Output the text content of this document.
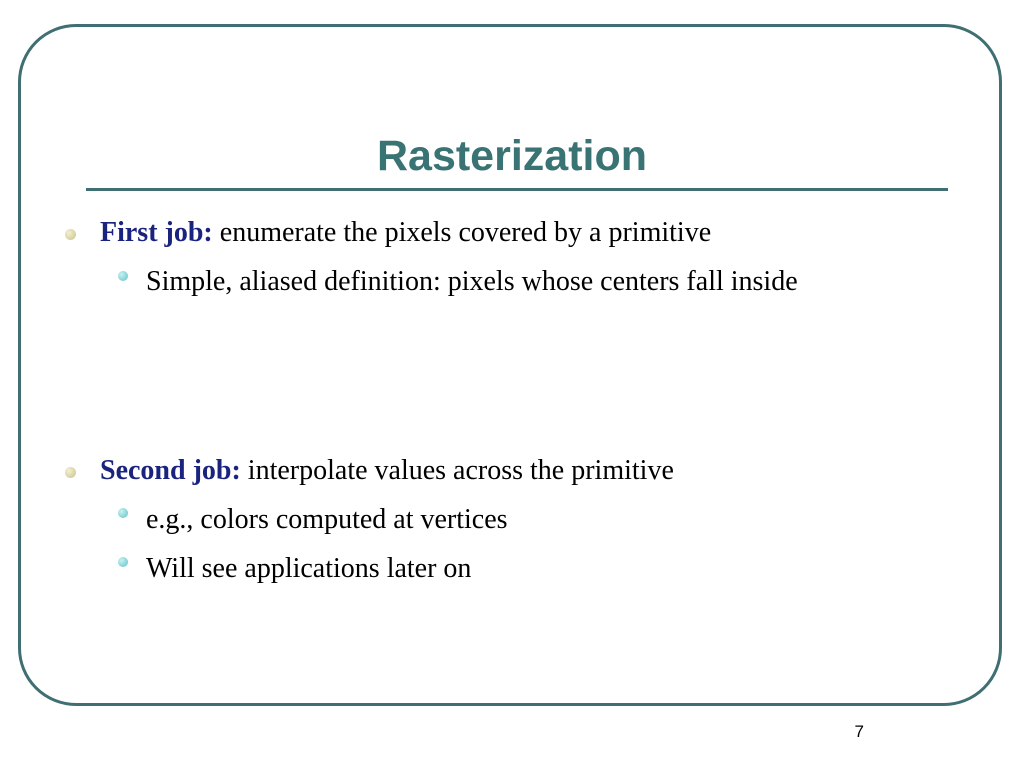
Rasterization
First job: enumerate the pixels covered by a primitive
Simple, aliased definition: pixels whose centers fall inside
Second job: interpolate values across the primitive
e.g., colors computed at vertices
Will see applications later on
7
